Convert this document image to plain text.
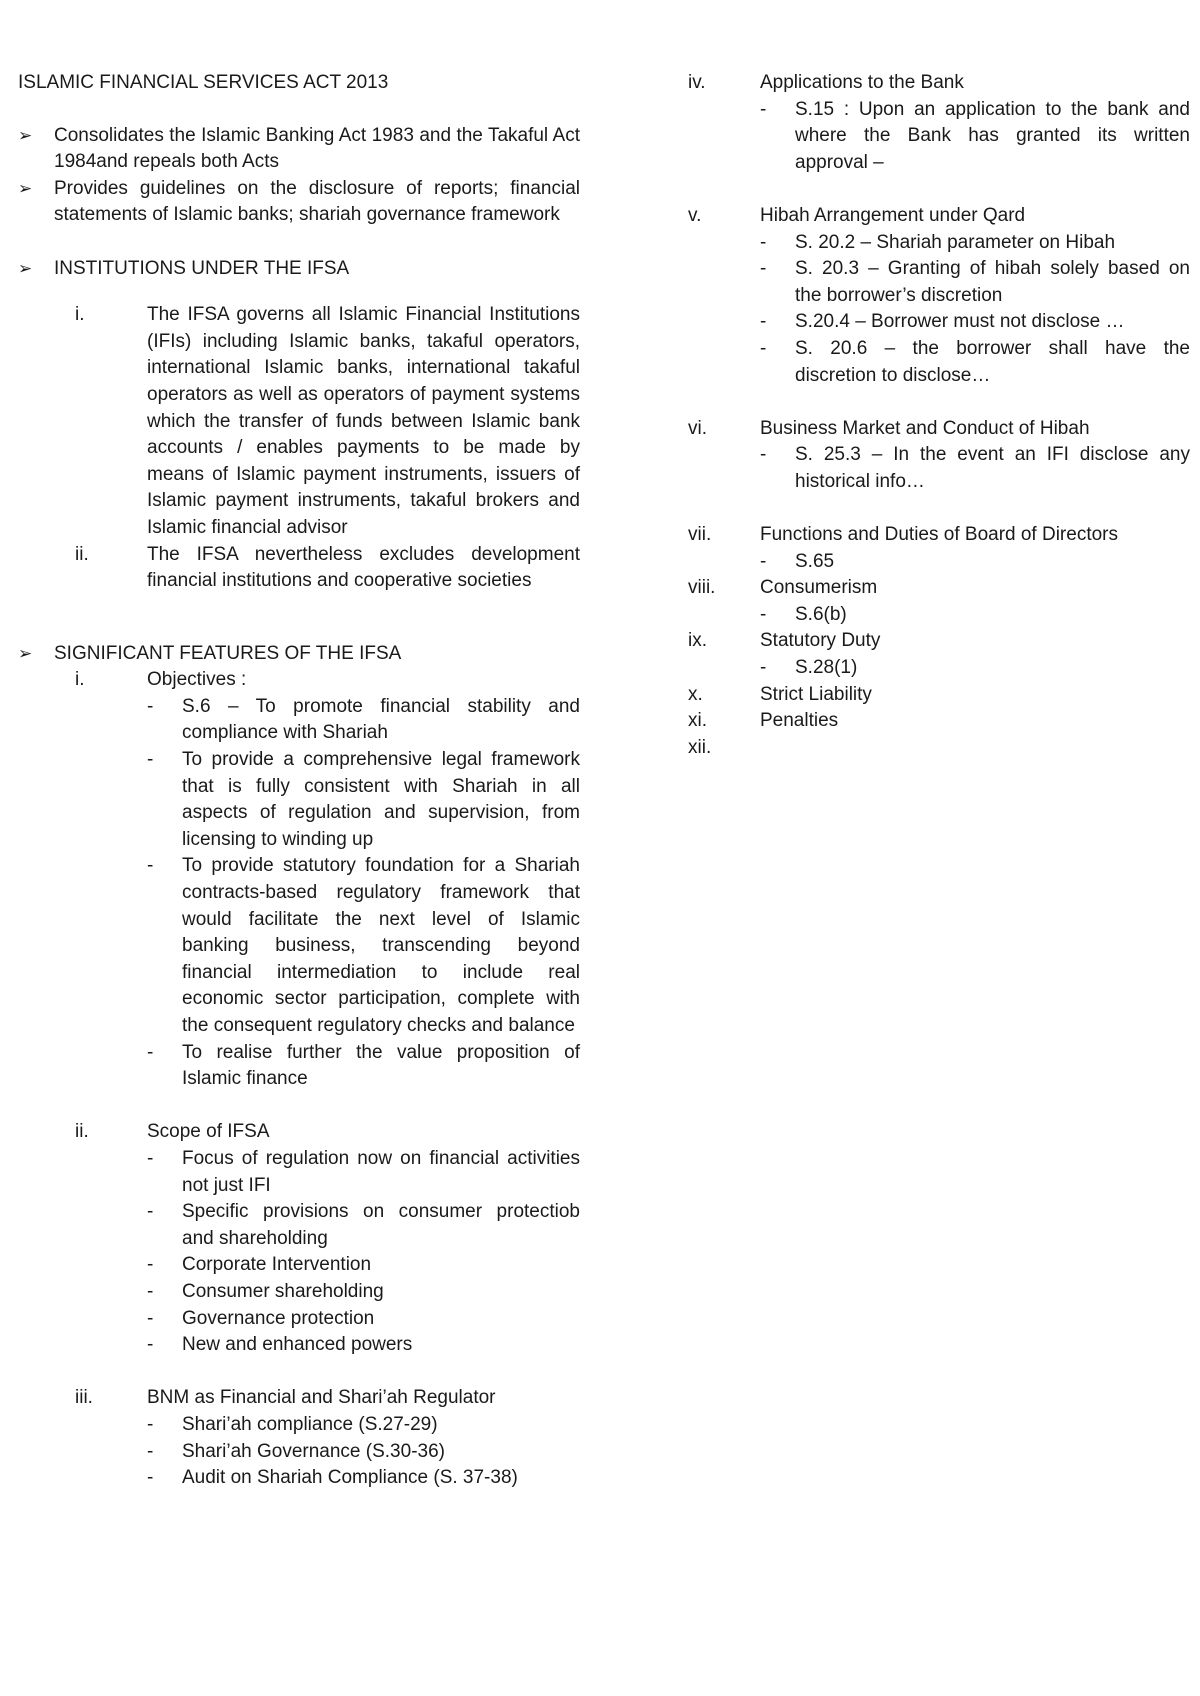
ISLAMIC FINANCIAL SERVICES ACT 2013
➢ Consolidates the Islamic Banking Act 1983 and the Takaful Act 1984and repeals both Acts
➢ Provides guidelines on the disclosure of reports; financial statements of Islamic banks; shariah governance framework
➢ INSTITUTIONS UNDER THE IFSA
i.	The IFSA governs all Islamic Financial Institutions (IFIs) including Islamic banks, takaful operators, international Islamic banks, international takaful operators as well as operators of payment systems which the transfer of funds between Islamic bank accounts / enables payments to be made by means of Islamic payment instruments, issuers of Islamic payment instruments, takaful brokers and Islamic financial advisor
ii.	The IFSA nevertheless excludes development financial institutions and cooperative societies
➢ SIGNIFICANT FEATURES OF THE IFSA
i.	Objectives :
- S.6 – To promote financial stability and compliance with Shariah
- To provide a comprehensive legal framework that is fully consistent with Shariah in all aspects of regulation and supervision, from licensing to winding up
- To provide statutory foundation for a Shariah contracts-based regulatory framework that would facilitate the next level of Islamic banking business, transcending beyond financial intermediation to include real economic sector participation, complete with the consequent regulatory checks and balance
- To realise further the value proposition of Islamic finance
ii.	Scope of IFSA
- Focus of regulation now on financial activities not just IFI
- Specific provisions on consumer protectiob and shareholding
- Corporate Intervention
- Consumer shareholding
- Governance protection
- New and enhanced powers
iii.	BNM as Financial and Shari’ah Regulator
- Shari’ah compliance (S.27-29)
- Shari’ah Governance (S.30-36)
- Audit on Shariah Compliance (S. 37-38)
iv.	Applications to the Bank
- S.15 : Upon an application to the bank and where the Bank has granted its written approval –
v.	Hibah Arrangement under Qard
- S. 20.2 – Shariah parameter on Hibah
- S. 20.3 – Granting of hibah solely based on the borrower’s discretion
- S.20.4 – Borrower must not disclose …
- S. 20.6 – the borrower shall have the discretion to disclose…
vi.	Business Market and Conduct of Hibah
- S. 25.3 – In the event an IFI disclose any historical info…
vii.	Functions and Duties of Board of Directors
- S.65
viii. Consumerism
- S.6(b)
ix.	Statutory Duty
- S.28(1)
x.	Strict Liability
xi.	Penalties
xii.
